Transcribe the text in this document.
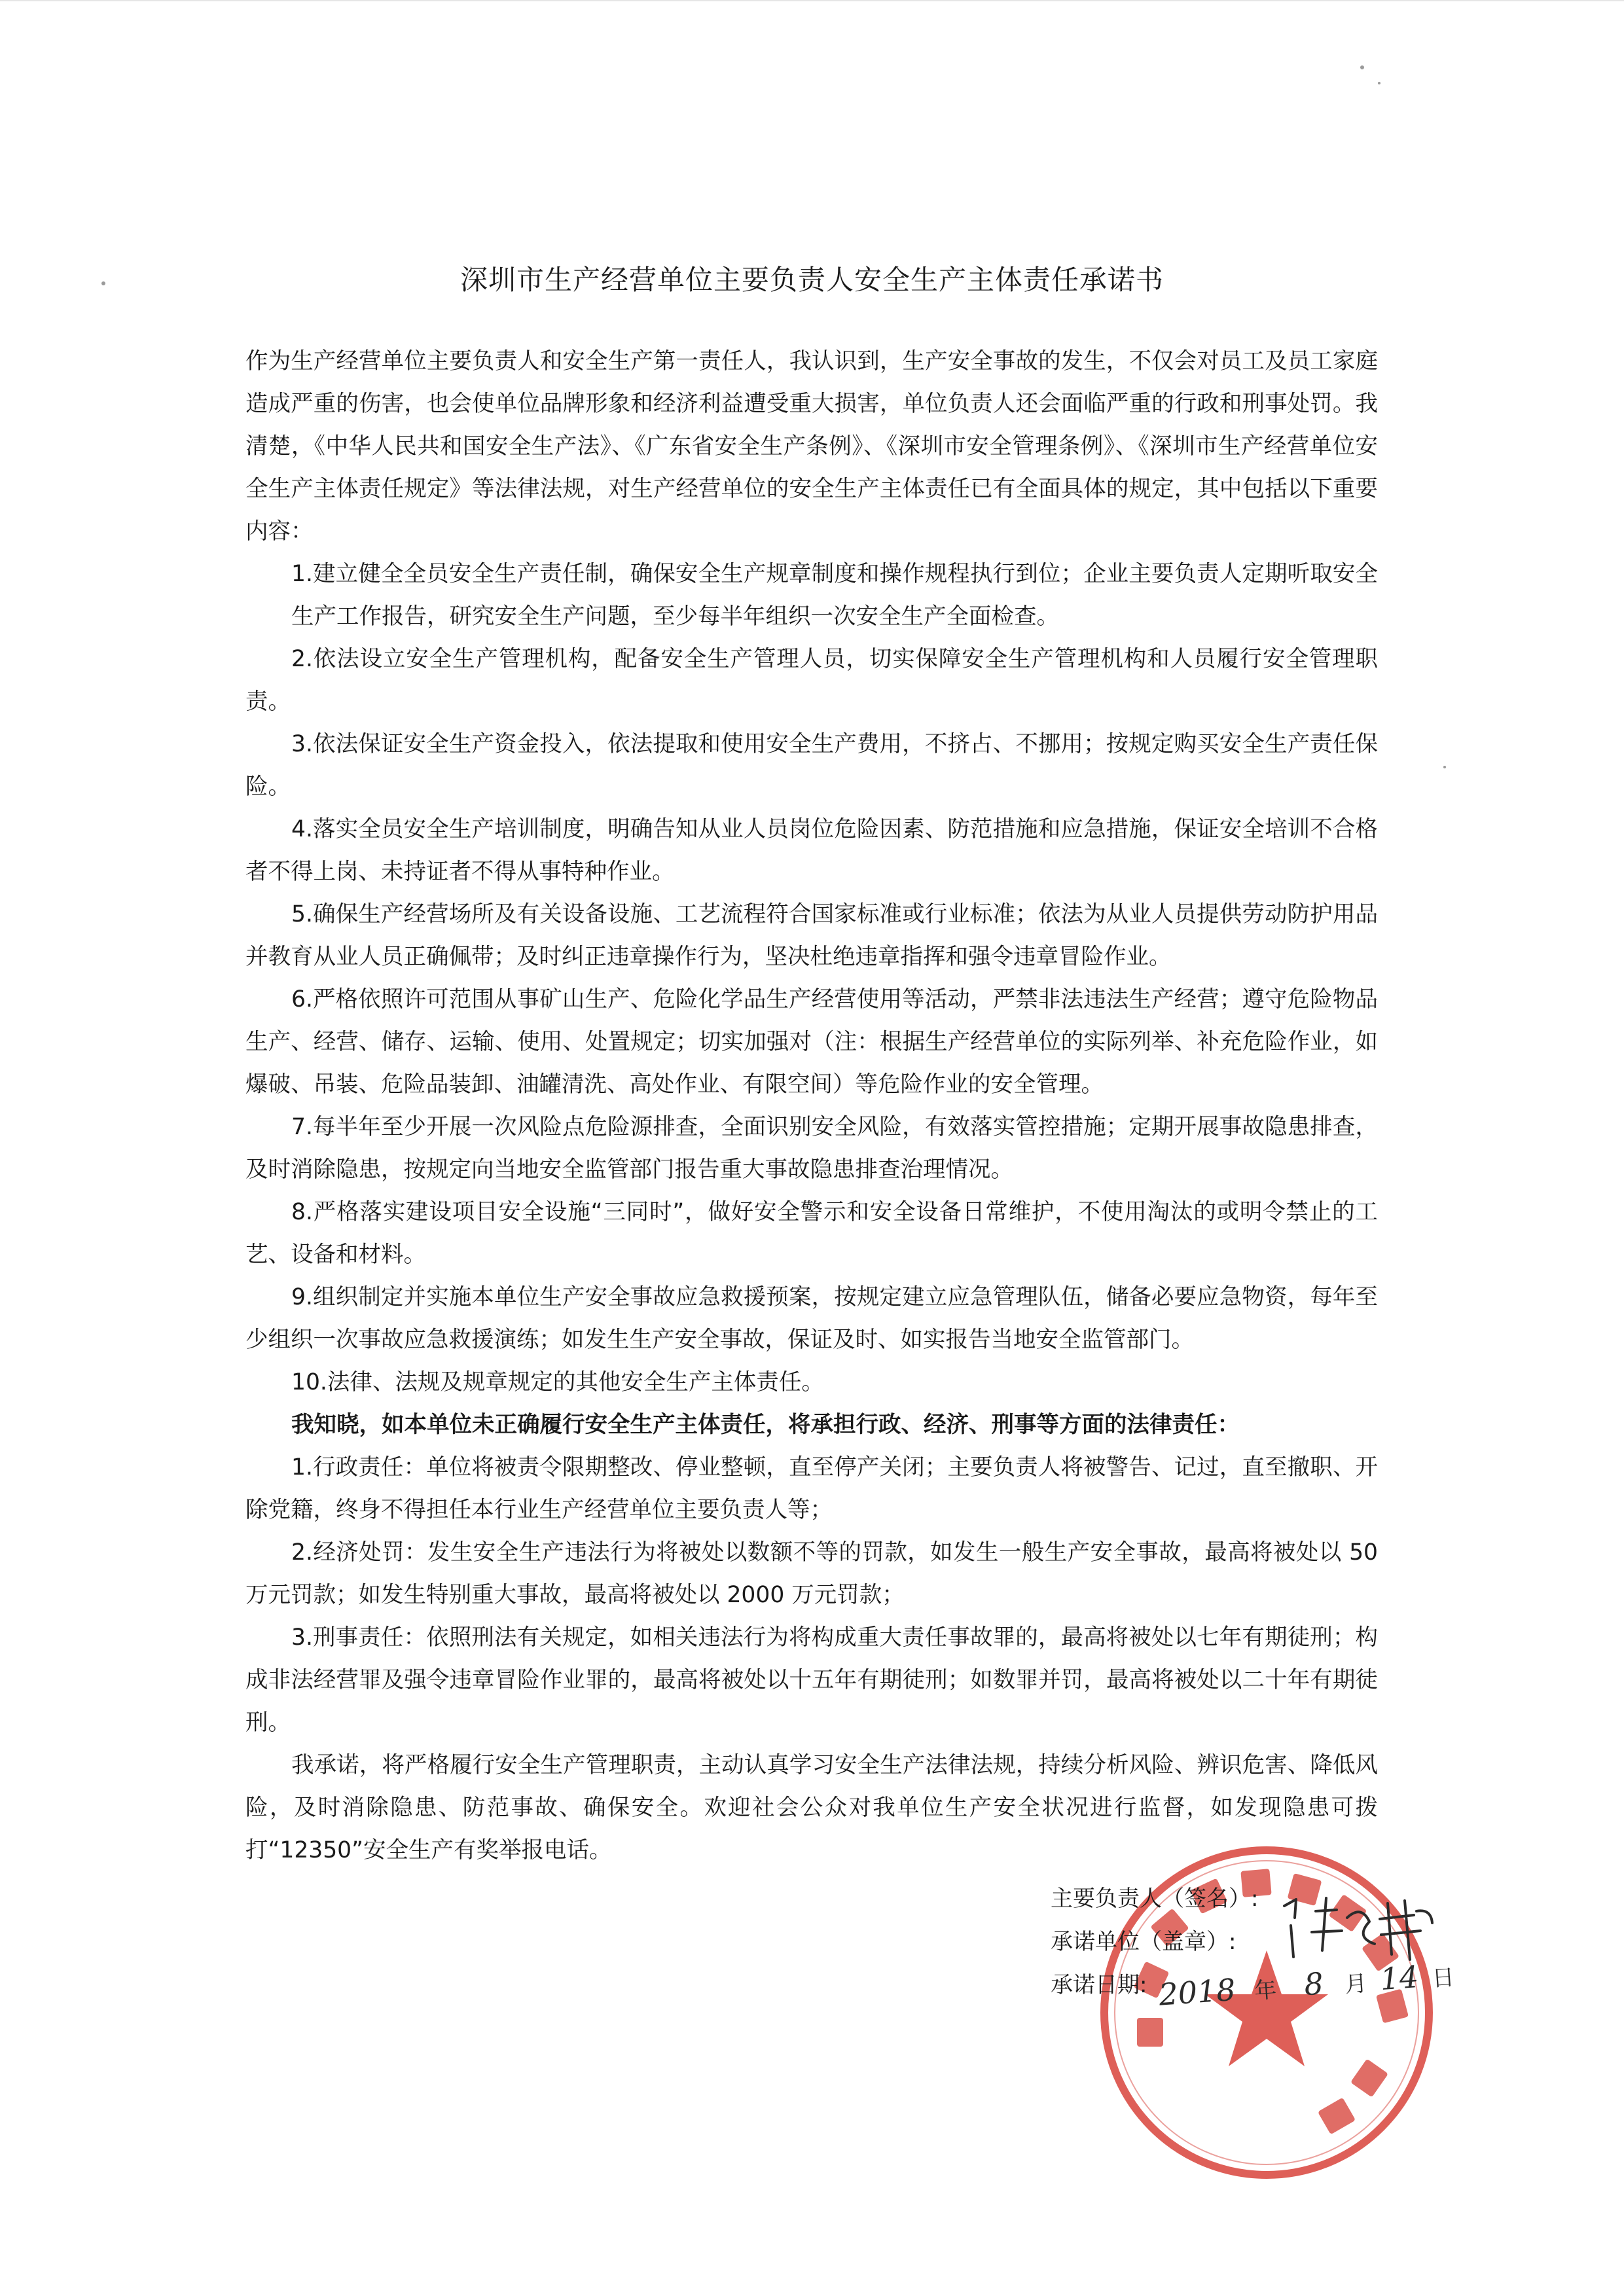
深圳市生产经营单位主要负责人安全生产主体责任承诺书

作为生产经营单位主要负责人和安全生产第一责任人，我认识到，生产安全事故的发生，不仅会对员工及员工家庭造成严重的伤害，也会使单位品牌形象和经济利益遭受重大损害，单位负责人还会面临严重的行政和刑事处罚。我清楚，《中华人民共和国安全生产法》、《广东省安全生产条例》、《深圳市安全管理条例》、《深圳市生产经营单位安全生产主体责任规定》等法律法规，对生产经营单位的安全生产主体责任已有全面具体的规定，其中包括以下重要内容：

1.建立健全全员安全生产责任制，确保安全生产规章制度和操作规程执行到位；企业主要负责人定期听取安全生产工作报告，研究安全生产问题，至少每半年组织一次安全生产全面检查。

2.依法设立安全生产管理机构，配备安全生产管理人员，切实保障安全生产管理机构和人员履行安全管理职责。

3.依法保证安全生产资金投入，依法提取和使用安全生产费用，不挤占、不挪用；按规定购买安全生产责任保险。

4.落实全员安全生产培训制度，明确告知从业人员岗位危险因素、防范措施和应急措施，保证安全培训不合格者不得上岗、未持证者不得从事特种作业。

5.确保生产经营场所及有关设备设施、工艺流程符合国家标准或行业标准；依法为从业人员提供劳动防护用品并教育从业人员正确佩带；及时纠正违章操作行为，坚决杜绝违章指挥和强令违章冒险作业。

6.严格依照许可范围从事矿山生产、危险化学品生产经营使用等活动，严禁非法违法生产经营；遵守危险物品生产、经营、储存、运输、使用、处置规定；切实加强对（注：根据生产经营单位的实际列举、补充危险作业，如爆破、吊装、危险品装卸、油罐清洗、高处作业、有限空间）等危险作业的安全管理。

7.每半年至少开展一次风险点危险源排查，全面识别安全风险，有效落实管控措施；定期开展事故隐患排查，及时消除隐患，按规定向当地安全监管部门报告重大事故隐患排查治理情况。

8.严格落实建设项目安全设施“三同时”，做好安全警示和安全设备日常维护，不使用淘汰的或明令禁止的工艺、设备和材料。

9.组织制定并实施本单位生产安全事故应急救援预案，按规定建立应急管理队伍，储备必要应急物资，每年至少组织一次事故应急救援演练；如发生生产安全事故，保证及时、如实报告当地安全监管部门。

10.法律、法规及规章规定的其他安全生产主体责任。

我知晓，如本单位未正确履行安全生产主体责任，将承担行政、经济、刑事等方面的法律责任：

1.行政责任：单位将被责令限期整改、停业整顿，直至停产关闭；主要负责人将被警告、记过，直至撤职、开除党籍，终身不得担任本行业生产经营单位主要负责人等；

2.经济处罚：发生安全生产违法行为将被处以数额不等的罚款，如发生一般生产安全事故，最高将被处以 50 万元罚款；如发生特别重大事故，最高将被处以 2000 万元罚款；

3.刑事责任：依照刑法有关规定，如相关违法行为将构成重大责任事故罪的，最高将被处以七年有期徒刑；构成非法经营罪及强令违章冒险作业罪的，最高将被处以十五年有期徒刑；如数罪并罚，最高将被处以二十年有期徒刑。

我承诺，将严格履行安全生产管理职责，主动认真学习安全生产法律法规，持续分析风险、辨识危害、降低风险，及时消除隐患、防范事故、确保安全。欢迎社会公众对我单位生产安全状况进行监督，如发现隐患可拨打“12350”安全生产有奖举报电话。

主要负责人（签名）:
承诺单位（盖章）:
承诺日期: 2018 年 8 月 14 日
